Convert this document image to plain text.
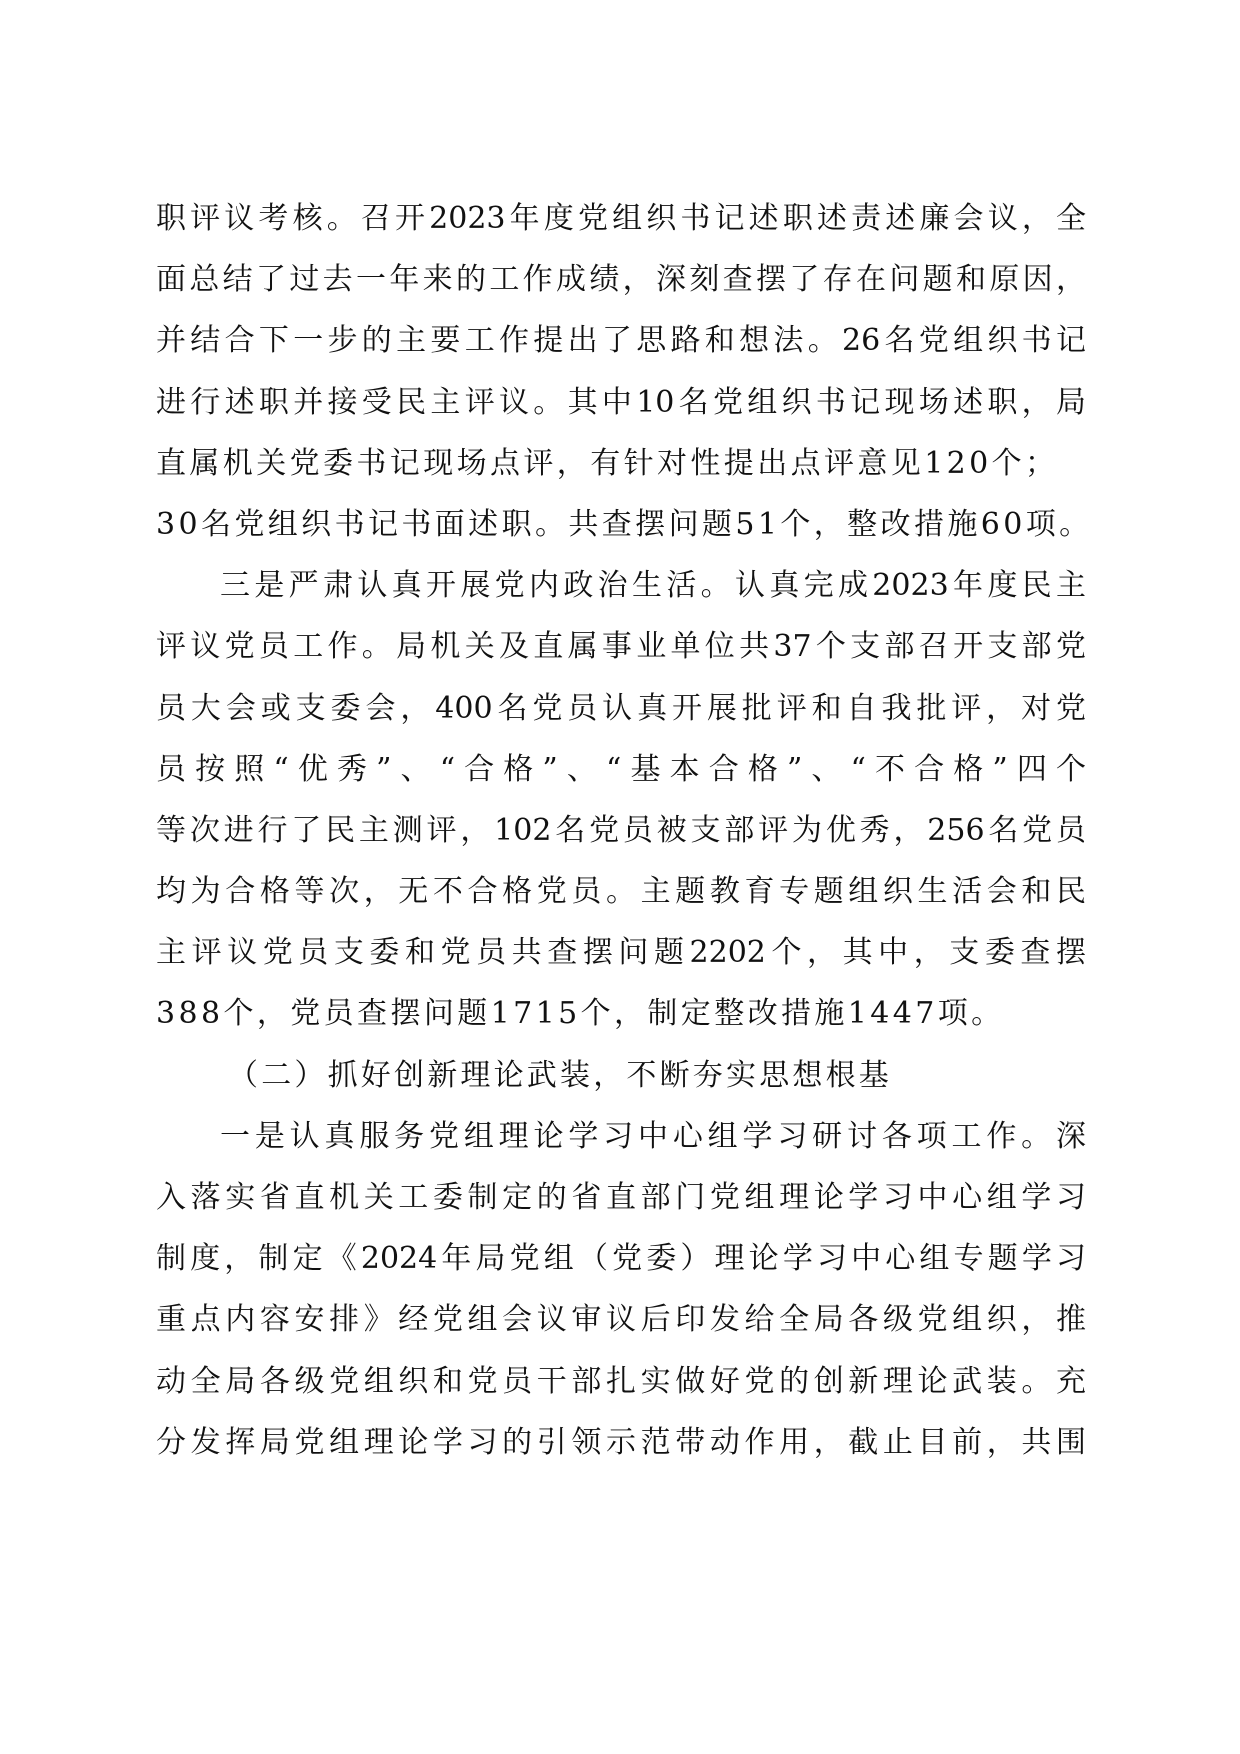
职评议考核。召开2023年度党组织书记述职述责述廉会议，全
面总结了过去一年来的工作成绩，深刻查摆了存在问题和原因，
并结合下一步的主要工作提出了思路和想法。26名党组织书记
进行述职并接受民主评议。其中10名党组织书记现场述职，局
直属机关党委书记现场点评，有针对性提出点评意见120个；
30名党组织书记书面述职。共查摆问题51个，整改措施60项。
三是严肃认真开展党内政治生活。认真完成2023年度民主
评议党员工作。局机关及直属事业单位共37个支部召开支部党
员大会或支委会，400名党员认真开展批评和自我批评，对党
员按照“优秀”、“合格”、“基本合格”、“不合格”四个
等次进行了民主测评，102名党员被支部评为优秀，256名党员
均为合格等次，无不合格党员。主题教育专题组织生活会和民
主评议党员支委和党员共查摆问题2202个，其中，支委查摆
388个，党员查摆问题1715个，制定整改措施1447项。
（二）抓好创新理论武装，不断夯实思想根基
一是认真服务党组理论学习中心组学习研讨各项工作。深
入落实省直机关工委制定的省直部门党组理论学习中心组学习
制度，制定《2024年局党组（党委）理论学习中心组专题学习
重点内容安排》经党组会议审议后印发给全局各级党组织，推
动全局各级党组织和党员干部扎实做好党的创新理论武装。充
分发挥局党组理论学习的引领示范带动作用，截止目前，共围
